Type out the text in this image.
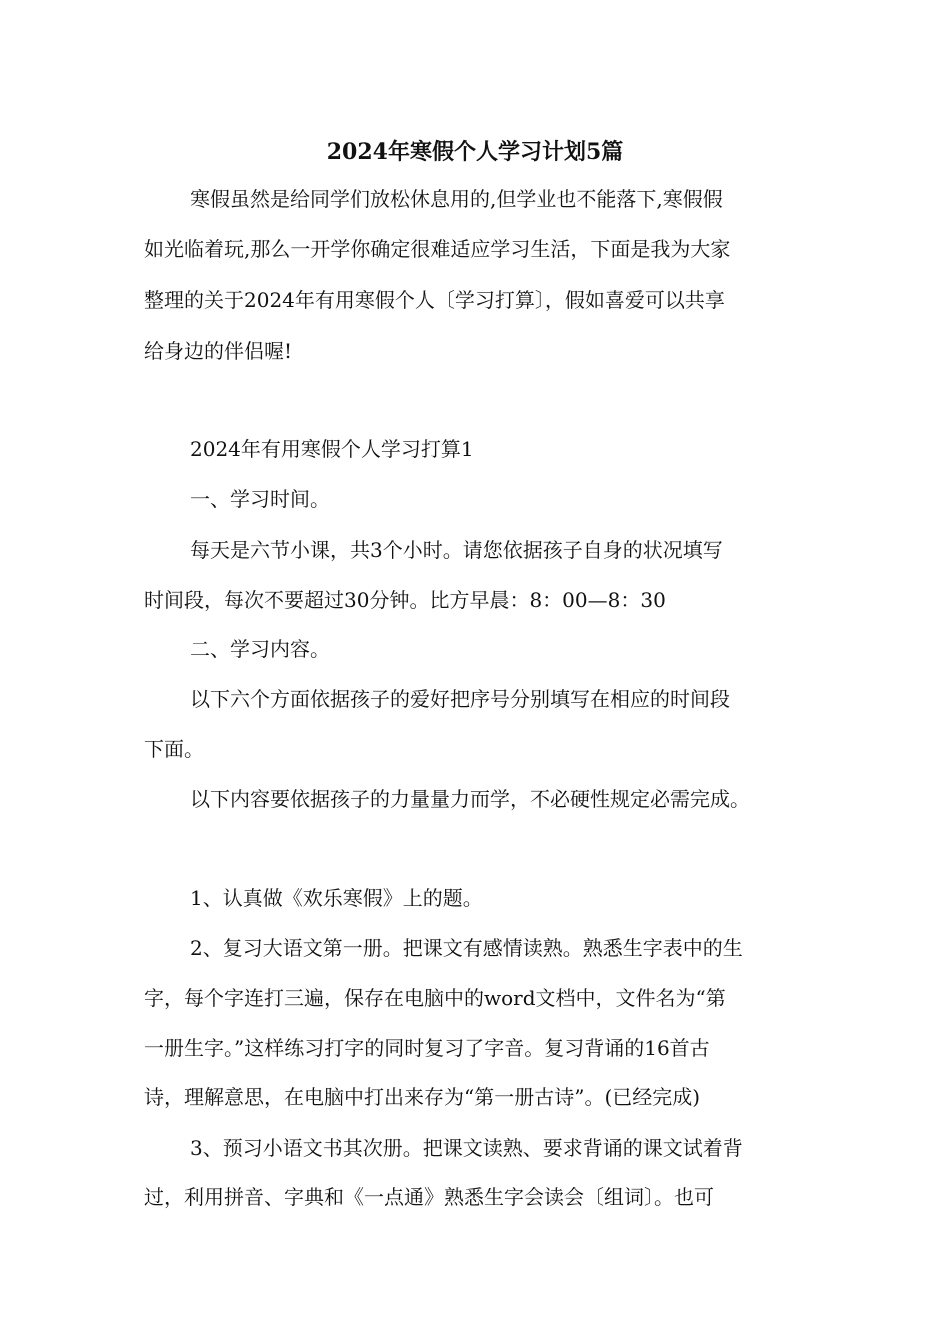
2024年寒假个人学习计划5篇
寒假虽然是给同学们放松休息用的,但学业也不能落下,寒假假
如光临着玩,那么一开学你确定很难适应学习生活，下面是我为大家
整理的关于2024年有用寒假个人〔学习打算〕，假如喜爱可以共享
给身边的伴侣喔!
2024年有用寒假个人学习打算1
一、学习时间。
每天是六节小课，共3个小时。请您依据孩子自身的状况填写
时间段，每次不要超过30分钟。比方早晨：8：00—8：30
二、学习内容。
以下六个方面依据孩子的爱好把序号分别填写在相应的时间段
下面。
以下内容要依据孩子的力量量力而学，不必硬性规定必需完成。
1、认真做《欢乐寒假》上的题。
2、复习大语文第一册。把课文有感情读熟。熟悉生字表中的生
字，每个字连打三遍，保存在电脑中的word文档中，文件名为“第
一册生字。”这样练习打字的同时复习了字音。复习背诵的16首古
诗，理解意思，在电脑中打出来存为“第一册古诗”。(已经完成)
3、预习小语文书其次册。把课文读熟、要求背诵的课文试着背
过，利用拼音、字典和《一点通》熟悉生字会读会〔组词〕。也可
